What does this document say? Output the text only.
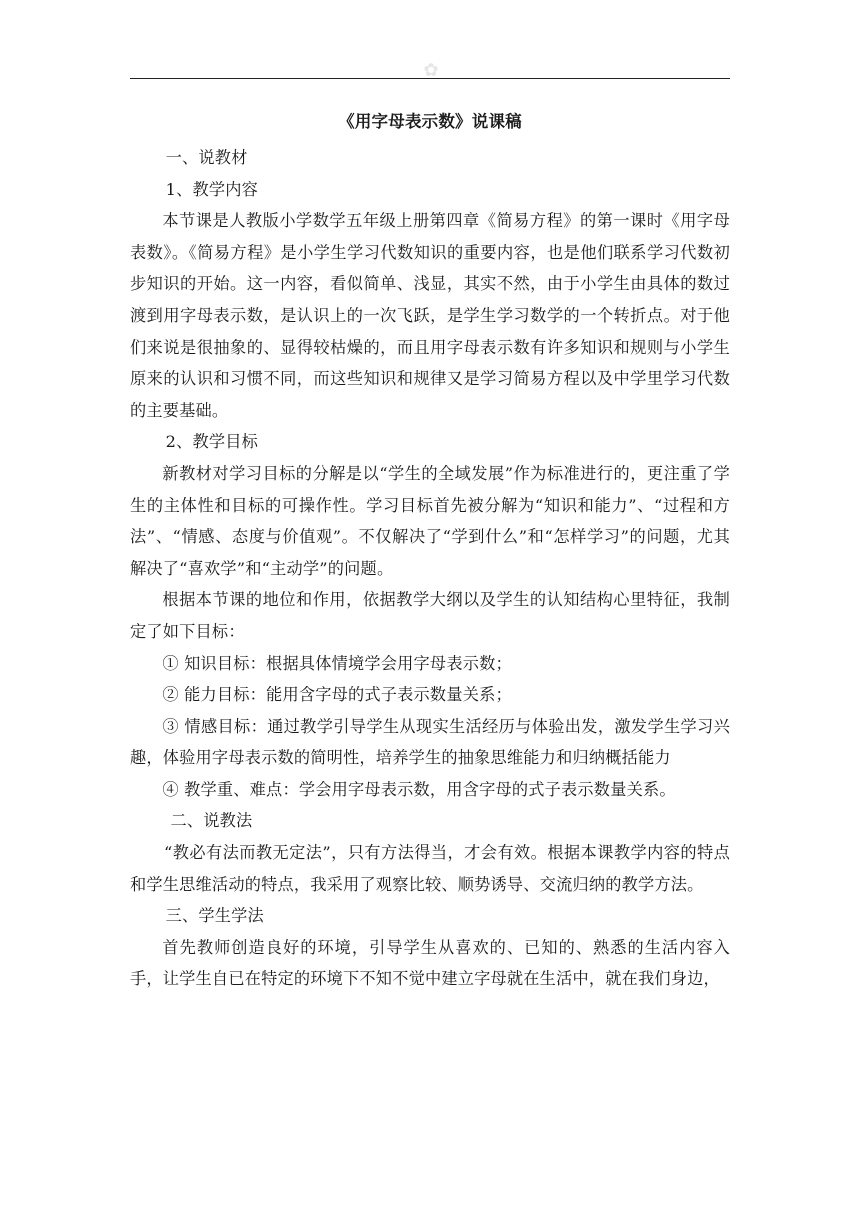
✿
《用字母表示数》说课稿

一、说教材

1、教学内容

本节课是人教版小学数学五年级上册第四章《简易方程》的第一课时《用字母表数》。《简易方程》是小学生学习代数知识的重要内容，也是他们联系学习代数初步知识的开始。这一内容，看似简单、浅显，其实不然，由于小学生由具体的数过渡到用字母表示数，是认识上的一次飞跃，是学生学习数学的一个转折点。对于他们来说是很抽象的、显得较枯燥的，而且用字母表示数有许多知识和规则与小学生原来的认识和习惯不同，而这些知识和规律又是学习简易方程以及中学里学习代数的主要基础。

2、教学目标

新教材对学习目标的分解是以“学生的全域发展”作为标准进行的，更注重了学生的主体性和目标的可操作性。学习目标首先被分解为“知识和能力”、“过程和方法”、“情感、态度与价值观”。不仅解决了“学到什么”和“怎样学习”的问题，尤其解决了“喜欢学”和“主动学”的问题。

根据本节课的地位和作用，依据教学大纲以及学生的认知结构心里特征，我制定了如下目标：

① 知识目标：根据具体情境学会用字母表示数；

② 能力目标：能用含字母的式子表示数量关系；

③ 情感目标：通过教学引导学生从现实生活经历与体验出发，激发学生学习兴趣，体验用字母表示数的简明性，培养学生的抽象思维能力和归纳概括能力

④ 教学重、难点：学会用字母表示数，用含字母的式子表示数量关系。

二、说教法

“教必有法而教无定法”，只有方法得当，才会有效。根据本课教学内容的特点和学生思维活动的特点，我采用了观察比较、顺势诱导、交流归纳的教学方法。

三、学生学法

首先教师创造良好的环境，引导学生从喜欢的、已知的、熟悉的生活内容入手，让学生自已在特定的环境下不知不觉中建立字母就在生活中，就在我们身边，
